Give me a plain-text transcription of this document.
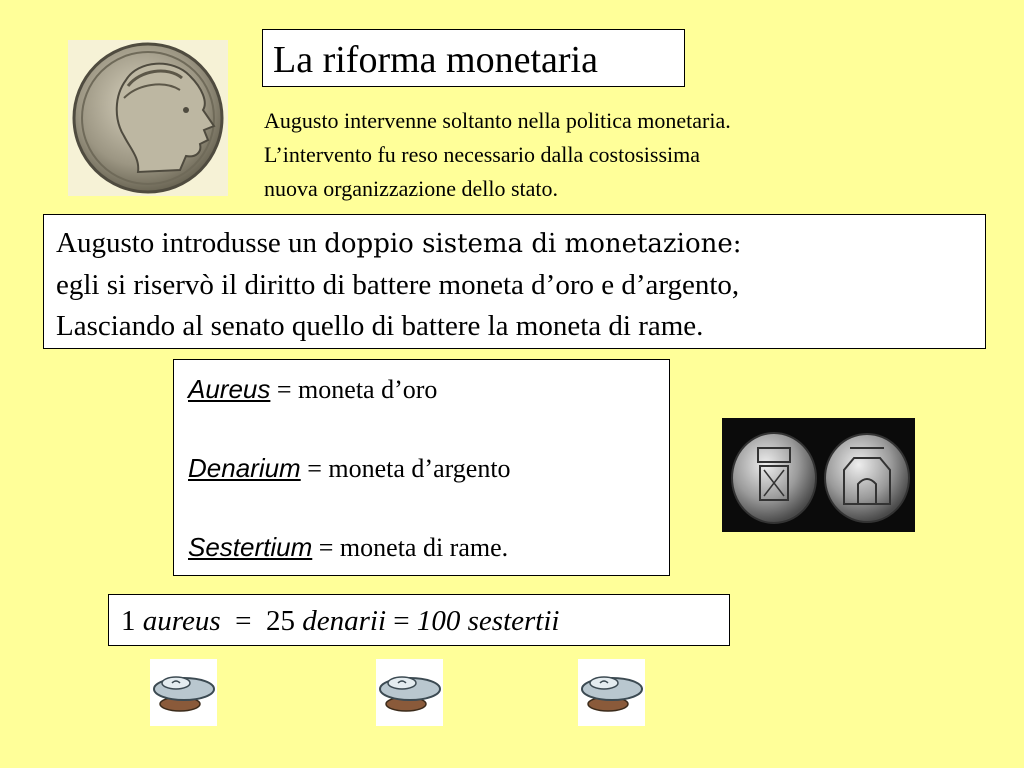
La riforma monetaria
Augusto intervenne soltanto nella politica monetaria.
L’intervento fu reso necessario dalla costosissima
nuova organizzazione dello stato.
Augusto introdusse un doppio sistema di monetazione:
egli si riservò il diritto di battere moneta d’oro e d’argento,
Lasciando al senato quello di battere la moneta di rame.
Aureus = moneta d’oro
Denarium = moneta d’argento
Sestertium = moneta di rame.
1 aureus  =  25 denarii = 100 sestertii
